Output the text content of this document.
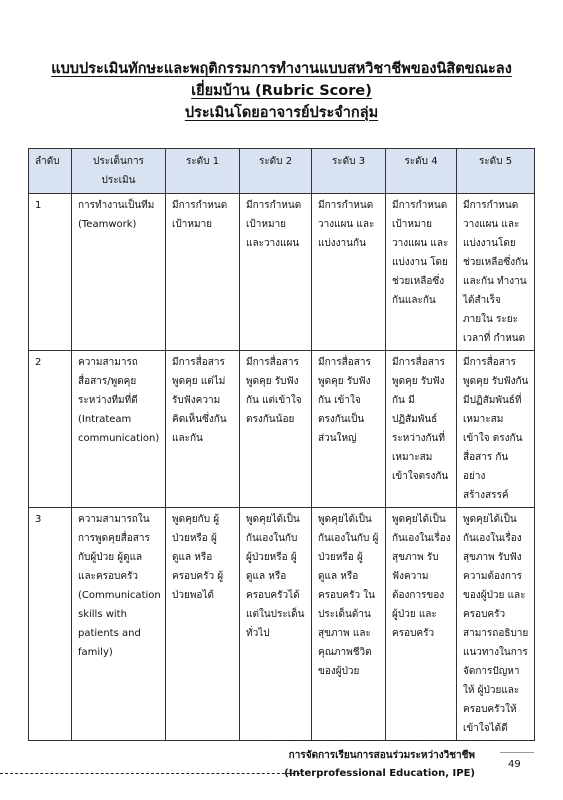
แบบประเมินทักษะและพฤติกรรมการทำงานแบบสหวิชาชีพของนิสิตขณะลง
เยี่ยมบ้าน (Rubric Score)
ประเมินโดยอาจารย์ประจำกลุ่ม
ลำดับ	ประเด็นการ ประเมิน	ระดับ 1	ระดับ 2	ระดับ 3	ระดับ 4	ระดับ 5
1	การทำงานเป็นทีม (Teamwork)	มีการกำหนด เป้าหมาย	มีการกำหนด เป้าหมาย และวางแผน	มีการกำหนด วางแผน และ แบ่งงานกัน	มีการกำหนด เป้าหมาย วางแผน และ แบ่งงาน โดย ช่วยเหลือซึ่ง กันและกัน	มีการกำหนด วางแผน และ แบ่งงานโดย ช่วยเหลือซึ่งกัน และกัน ทำงาน ได้สำเร็จภายใน ระยะเวลาที่ กำหนด
2	ความสามารถ สื่อสาร/พูดคุย ระหว่างทีมที่ดี (Intrateam communication)	มีการสื่อสาร พูดคุย แต่ไม่ รับฟังความ คิดเห็นซึ่งกัน และกัน	มีการสื่อสาร พูดคุย รับฟัง กัน แต่เข้าใจ ตรงกันน้อย	มีการสื่อสาร พูดคุย รับฟัง กัน เข้าใจ ตรงกันเป็น ส่วนใหญ่	มีการสื่อสาร พูดคุย รับฟัง กัน มี ปฏิสัมพันธ์ ระหว่างกันที่ เหมาะสม เข้าใจตรงกัน	มีการสื่อสาร พูดคุย รับฟังกัน มีปฏิสัมพันธ์ที่ เหมาะสม เข้าใจ ตรงกัน สื่อสาร กันอย่าง สร้างสรรค์
3	ความสามารถใน การพูดคุยสื่อสาร กับผู้ป่วย ผู้ดูแล และครอบครัว (Communication skills with patients and family)	พูดคุยกับ ผู้ป่วยหรือ ผู้ดูแล หรือ ครอบครัว ผู้ป่วยพอได้	พูดคุยได้เป็น กันเองในกับ ผู้ป่วยหรือ ผู้ดูแล หรือ ครอบครัวได้ แต่ในประเด็น ทั่วไป	พูดคุยได้เป็น กันเองในกับ ผู้ป่วยหรือ ผู้ดูแล หรือ ครอบครัว ใน ประเด็นด้าน สุขภาพ และ คุณภาพชีวิต ของผู้ป่วย	พูดคุยได้เป็น กันเองในเรื่อง สุขภาพ รับ ฟังความ ต้องการของ ผู้ป่วย และ ครอบครัว	พูดคุยได้เป็น กันเองในเรื่อง สุขภาพ รับฟัง ความต้องการ ของผู้ป่วย และ ครอบครัว สามารถอธิบาย แนวทางในการ จัดการปัญหาให้ ผู้ป่วยและ ครอบครัวให้ เข้าใจได้ดี
การจัดการเรียนการสอนร่วมระหว่างวิชาชีพ
(Interprofessional Education, IPE)
49
